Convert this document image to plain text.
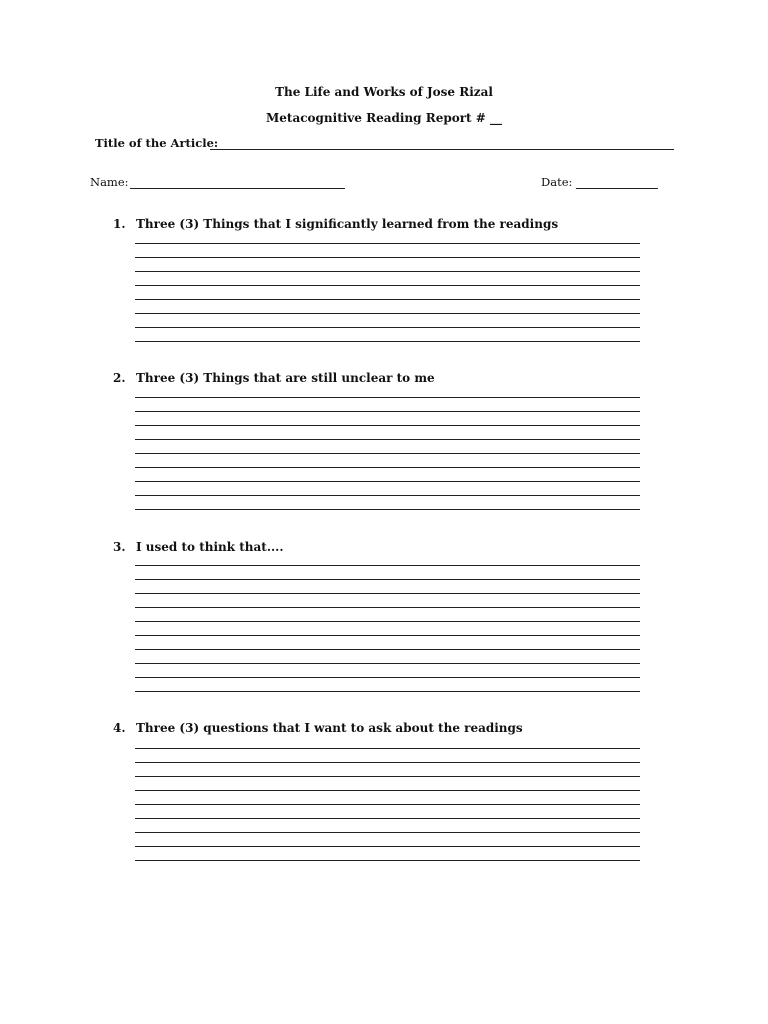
The Life and Works of Jose Rizal
Metacognitive Reading Report # __
Title of the Article:
Name:	Date:
1. Three (3) Things that I significantly learned from the readings
2. Three (3) Things that are still unclear to me
3. I used to think that....
4. Three (3) questions that I want to ask about the readings
